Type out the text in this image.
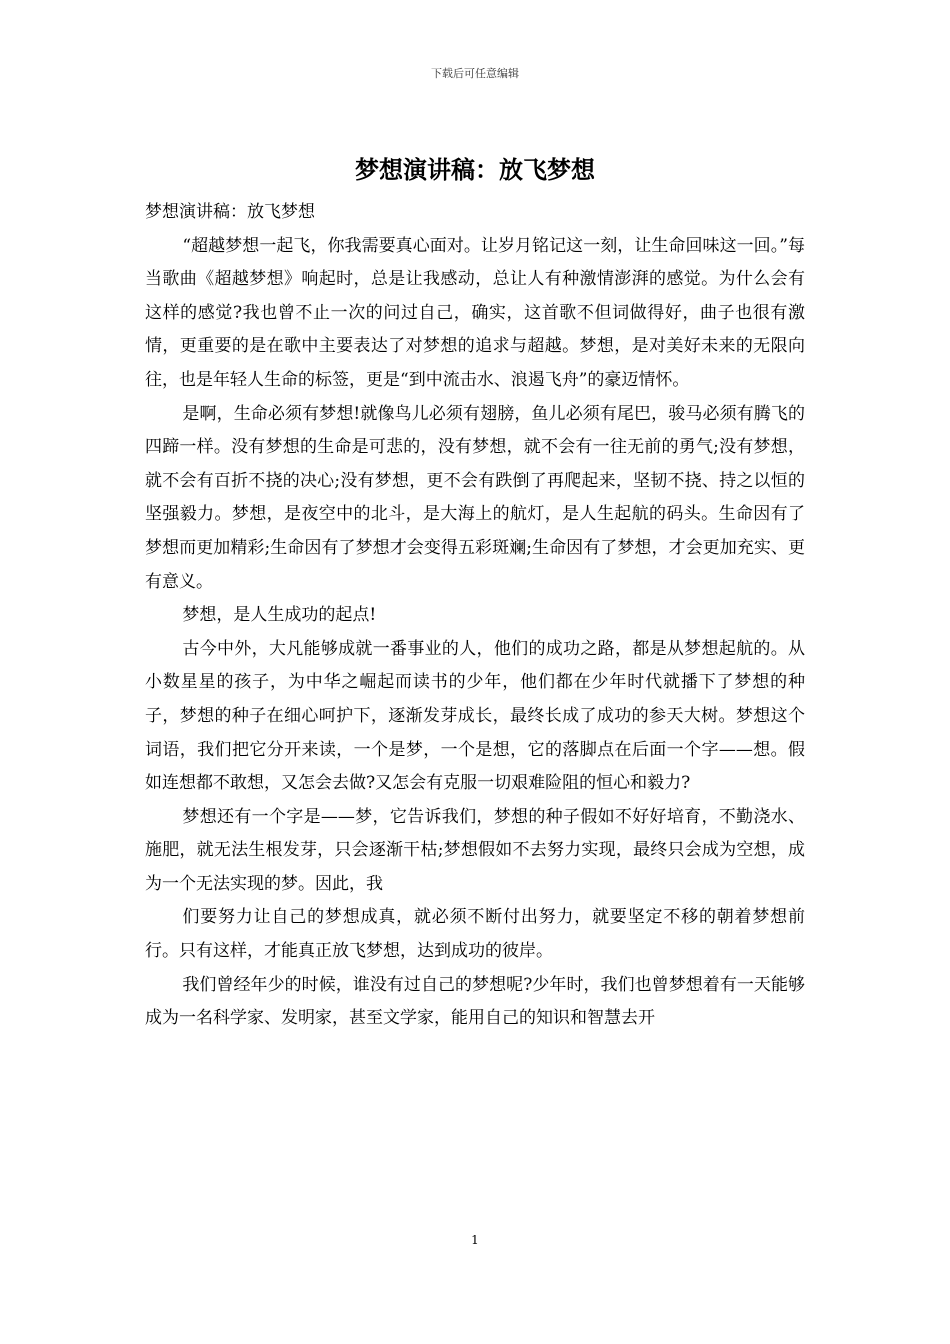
下载后可任意编辑
梦想演讲稿：放飞梦想

梦想演讲稿：放飞梦想

“超越梦想一起飞，你我需要真心面对。让岁月铭记这一刻，让生命回味这一回。”每当歌曲《超越梦想》响起时，总是让我感动，总让人有种激情澎湃的感觉。为什么会有这样的感觉?我也曾不止一次的问过自己，确实，这首歌不但词做得好，曲子也很有激情，更重要的是在歌中主要表达了对梦想的追求与超越。梦想，是对美好未来的无限向往，也是年轻人生命的标签，更是“到中流击水、浪遏飞舟”的豪迈情怀。

是啊，生命必须有梦想!就像鸟儿必须有翅膀，鱼儿必须有尾巴，骏马必须有腾飞的四蹄一样。没有梦想的生命是可悲的，没有梦想，就不会有一往无前的勇气;没有梦想，就不会有百折不挠的决心;没有梦想，更不会有跌倒了再爬起来，坚韧不挠、持之以恒的坚强毅力。梦想，是夜空中的北斗，是大海上的航灯，是人生起航的码头。生命因有了梦想而更加精彩;生命因有了梦想才会变得五彩斑斓;生命因有了梦想，才会更加充实、更有意义。

梦想，是人生成功的起点!

古今中外，大凡能够成就一番事业的人，他们的成功之路，都是从梦想起航的。从小数星星的孩子，为中华之崛起而读书的少年，他们都在少年时代就播下了梦想的种子，梦想的种子在细心呵护下，逐渐发芽成长，最终长成了成功的参天大树。梦想这个词语，我们把它分开来读，一个是梦，一个是想，它的落脚点在后面一个字——想。假如连想都不敢想，又怎会去做?又怎会有克服一切艰难险阻的恒心和毅力?

梦想还有一个字是——梦，它告诉我们，梦想的种子假如不好好培育，不勤浇水、施肥，就无法生根发芽，只会逐渐干枯;梦想假如不去努力实现，最终只会成为空想，成为一个无法实现的梦。因此，我

们要努力让自己的梦想成真，就必须不断付出努力，就要坚定不移的朝着梦想前行。只有这样，才能真正放飞梦想，达到成功的彼岸。

我们曾经年少的时候，谁没有过自己的梦想呢?少年时，我们也曾梦想着有一天能够成为一名科学家、发明家，甚至文学家，能用自己的知识和智慧去开

1
